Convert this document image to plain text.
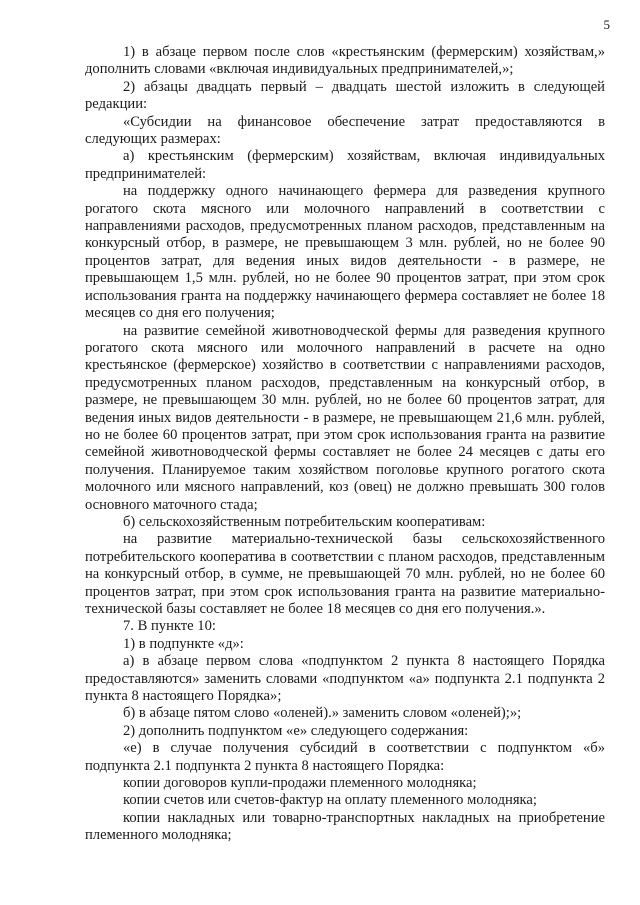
5

1) в абзаце первом после слов «крестьянским (фермерским) хозяйствам,» дополнить словами «включая индивидуальных предпринимателей,»;

2) абзацы двадцать первый – двадцать шестой изложить в следующей редакции:

«Субсидии на финансовое обеспечение затрат предоставляются в следующих размерах:

а) крестьянским (фермерским) хозяйствам, включая индивидуальных предпринимателей:

на поддержку одного начинающего фермера для разведения крупного рогатого скота мясного или молочного направлений в соответствии с направлениями расходов, предусмотренных планом расходов, представленным на конкурсный отбор, в размере, не превышающем 3 млн. рублей, но не более 90 процентов затрат, для ведения иных видов деятельности - в размере, не превышающем 1,5 млн. рублей, но не более 90 процентов затрат, при этом срок использования гранта на поддержку начинающего фермера составляет не более 18 месяцев со дня его получения;

на развитие семейной животноводческой фермы для разведения крупного рогатого скота мясного или молочного направлений в расчете на одно крестьянское (фермерское) хозяйство в соответствии с направлениями расходов, предусмотренных планом расходов, представленным на конкурсный отбор, в размере, не превышающем 30 млн. рублей, но не более 60 процентов затрат, для ведения иных видов деятельности - в размере, не превышающем 21,6 млн. рублей, но не более 60 процентов затрат, при этом срок использования гранта на развитие семейной животноводческой фермы составляет не более 24 месяцев с даты его получения. Планируемое таким хозяйством поголовье крупного рогатого скота молочного или мясного направлений, коз (овец) не должно превышать 300 голов основного маточного стада;

б) сельскохозяйственным потребительским кооперативам:

на развитие материально-технической базы сельскохозяйственного потребительского кооператива в соответствии с планом расходов, представленным на конкурсный отбор, в сумме, не превышающей 70 млн. рублей, но не более 60 процентов затрат, при этом срок использования гранта на развитие материально-технической базы составляет не более 18 месяцев со дня его получения.».

7. В пункте 10:

1) в подпункте «д»:

а) в абзаце первом слова «подпунктом 2 пункта 8 настоящего Порядка предоставляются» заменить словами «подпунктом «а» подпункта 2.1 подпункта 2 пункта 8 настоящего Порядка»;

б) в абзаце пятом слово «оленей).» заменить словом «оленей);»;

2) дополнить подпунктом «е» следующего содержания:

«е) в случае получения субсидий в соответствии с подпунктом «б» подпункта 2.1 подпункта 2 пункта 8 настоящего Порядка:

копии договоров купли-продажи племенного молодняка;

копии счетов или счетов-фактур на оплату племенного молодняка;

копии накладных или товарно-транспортных накладных на приобретение племенного молодняка;
